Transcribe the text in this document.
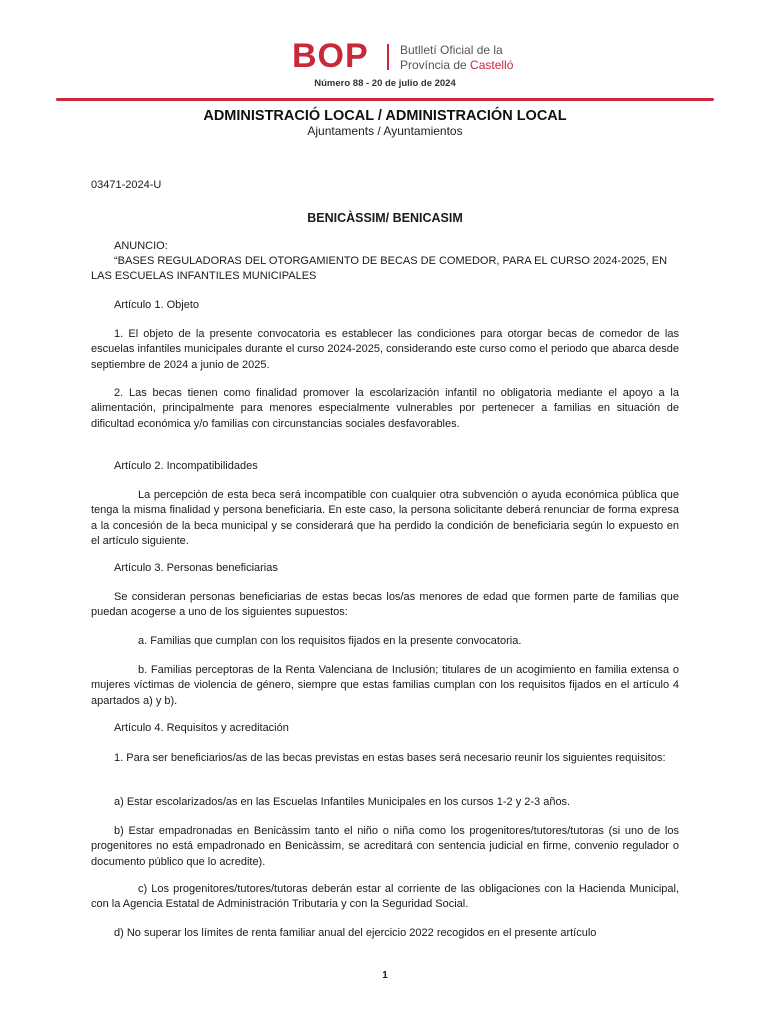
BOP	Butlletí Oficial de la
Província de Castelló
Número 88 - 20 de julio de 2024
ADMINISTRACIÓ LOCAL / ADMINISTRACIÓN LOCAL
Ajuntaments / Ayuntamientos
03471-2024-U
BENICÀSSIM/ BENICASIM
ANUNCIO:
“BASES REGULADORAS DEL OTORGAMIENTO DE BECAS DE COMEDOR, PARA EL CURSO 2024-2025, EN LAS ESCUELAS INFANTILES MUNICIPALES
Artículo 1. Objeto
1. El objeto de la presente convocatoria es establecer las condiciones para otorgar becas de comedor de las escuelas infantiles municipales durante el curso 2024-2025, considerando este curso como el periodo que abarca desde septiembre de 2024 a junio de 2025.
2. Las becas tienen como finalidad promover la escolarización infantil no obligatoria mediante el apoyo a la alimentación, principalmente para menores especialmente vulnerables por pertenecer a familias en situación de dificultad económica y/o familias con circunstancias sociales desfavorables.
Artículo 2. Incompatibilidades
La percepción de esta beca será incompatible con cualquier otra subvención o ayuda económica pública que tenga la misma finalidad y persona beneficiaria. En este caso, la persona solicitante deberá renunciar de forma expresa a la concesión de la beca municipal y se considerará que ha perdido la condición de beneficiaria según lo expuesto en el artículo siguiente.
Artículo 3. Personas beneficiarias
Se consideran personas beneficiarias de estas becas los/as menores de edad que formen parte de familias que puedan acogerse a uno de los siguientes supuestos:
a. Familias que cumplan con los requisitos fijados en la presente convocatoria.
b. Familias perceptoras de la Renta Valenciana de Inclusión; titulares de un acogimiento en familia extensa o mujeres víctimas de violencia de género, siempre que estas familias cumplan con los requisitos fijados en el artículo 4 apartados a) y b).
Artículo 4. Requisitos y acreditación
1. Para ser beneficiarios/as de las becas previstas en estas bases será necesario reunir los siguientes requisitos:
a) Estar escolarizados/as en las Escuelas Infantiles Municipales en los cursos 1-2 y 2-3 años.
b) Estar empadronadas en Benicàssim tanto el niño o niña como los progenitores/tutores/tutoras (si uno de los progenitores no está empadronado en Benicàssim, se acreditará con sentencia judicial en firme, convenio regulador o documento público que lo acredite).
c) Los progenitores/tutores/tutoras deberán estar al corriente de las obligaciones con la Hacienda Municipal, con la Agencia Estatal de Administración Tributaria y con la Seguridad Social.
d) No superar los límites de renta familiar anual del ejercicio 2022 recogidos en el presente artículo
1
